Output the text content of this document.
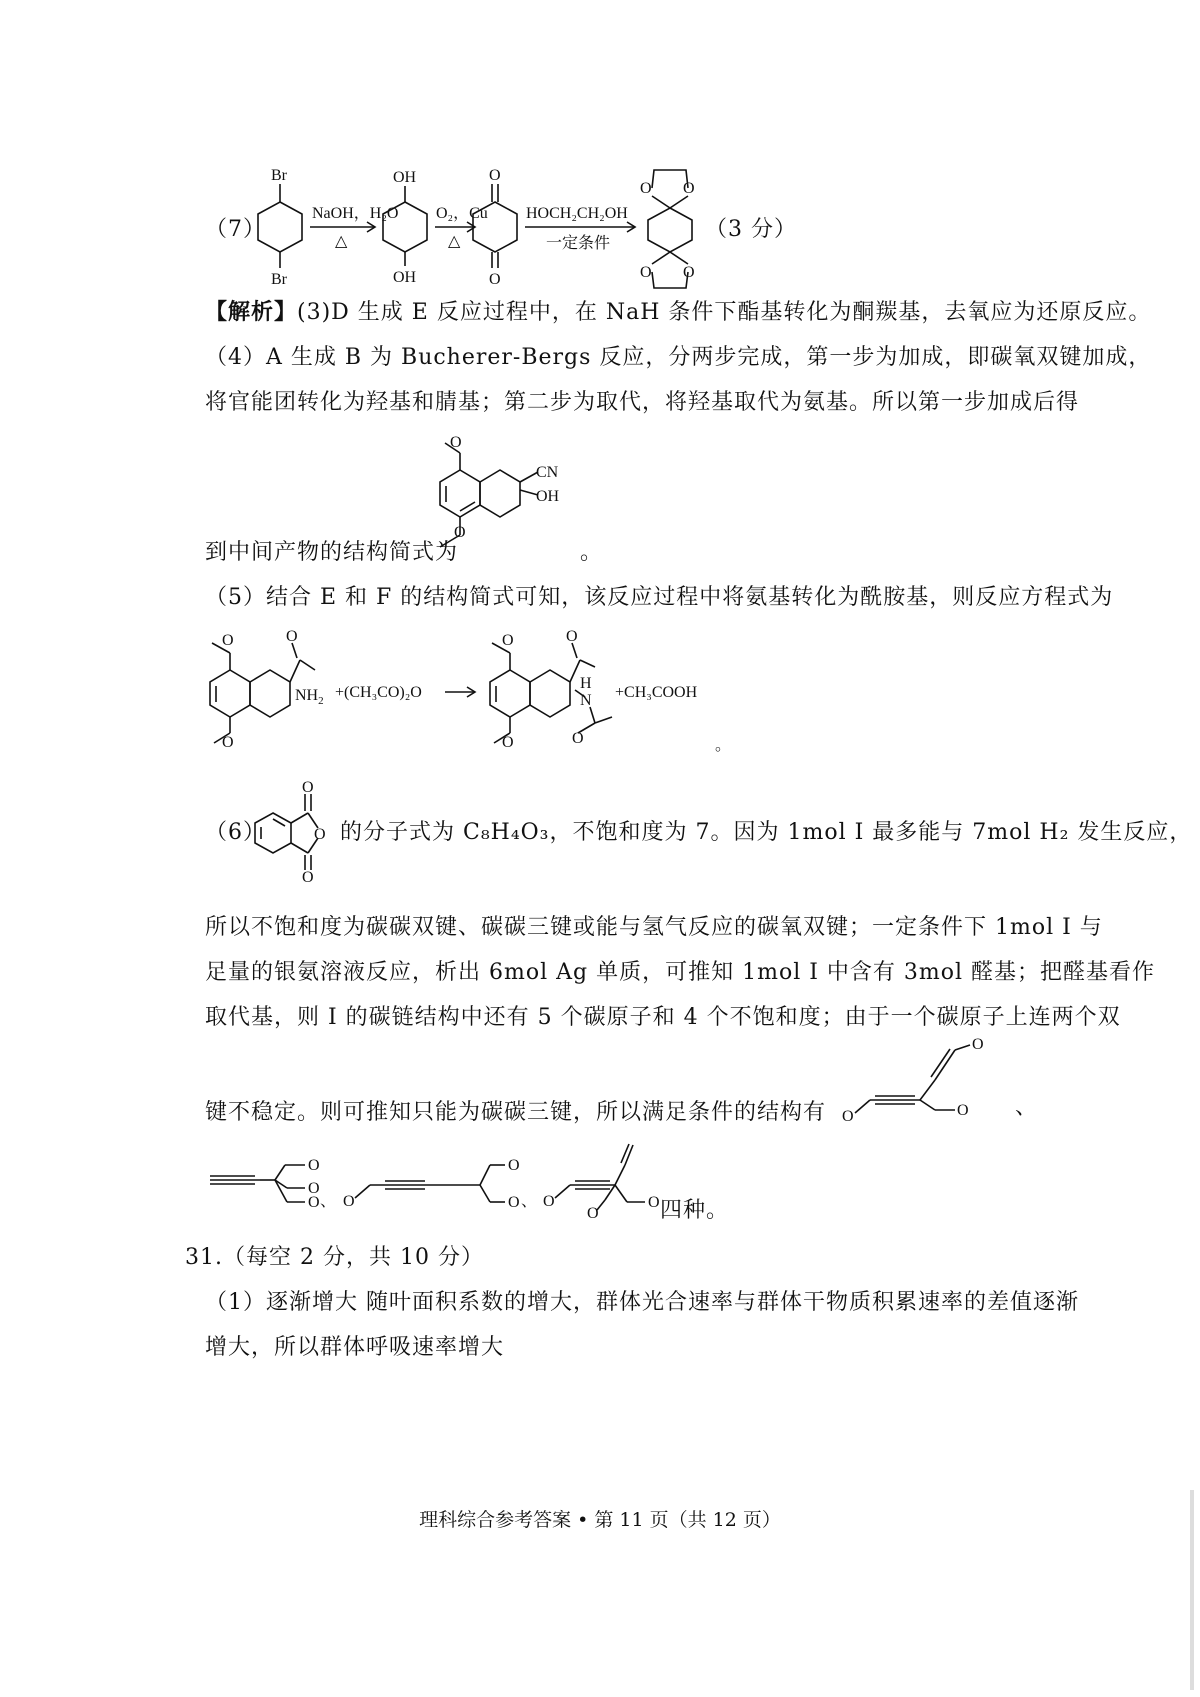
（7）
Br
Br
NaOH，H₂O
△
OH
OH
O₂，Cu
△
O
O
HOCH₂CH₂OH
一定条件
O O
O O
（3 分）
【解析】(3)D 生成 E 反应过程中，在 NaH 条件下酯基转化为酮羰基，去氧应为还原反应。
（4）A 生成 B 为 Bucherer-Bergs 反应，分两步完成，第一步为加成，即碳氧双键加成，
将官能团转化为羟基和腈基；第二步为取代，将羟基取代为氨基。所以第一步加成后得
O
O
CN
OH
到中间产物的结构简式为	。
（5）结合 E 和 F 的结构简式可知，该反应过程中将氨基转化为酰胺基，则反应方程式为
O
O
O
$NH_2 +(CH_3CO)_2O$
O
O
O
O
H
N +CH₃COOH
。
（6）
O
O
O 的分子式为 C₈H₄O₃，不饱和度为 7。因为 1mol I 最多能与 7mol H₂ 发生反应，
所以不饱和度为碳碳双键、碳碳三键或能与氢气反应的碳氧双键；一定条件下 1mol I 与
足量的银氨溶液反应，析出 6mol Ag 单质，可推知 1mol I 中含有 3mol 醛基；把醛基看作
取代基，则 I 的碳链结构中还有 5 个碳原子和 4 个不饱和度；由于一个碳原子上连两个双
键不稳定。则可推知只能为碳碳三键，所以满足条件的结构有 O
O
O 、
O
O
O 、 O
O
O 、 O
O
O 四种。
31.（每空 2 分，共 10 分）
（1）逐渐增大 随叶面积系数的增大，群体光合速率与群体干物质积累速率的差值逐渐
增大，所以群体呼吸速率增大
理科综合参考答案 • 第 11 页（共 12 页）
